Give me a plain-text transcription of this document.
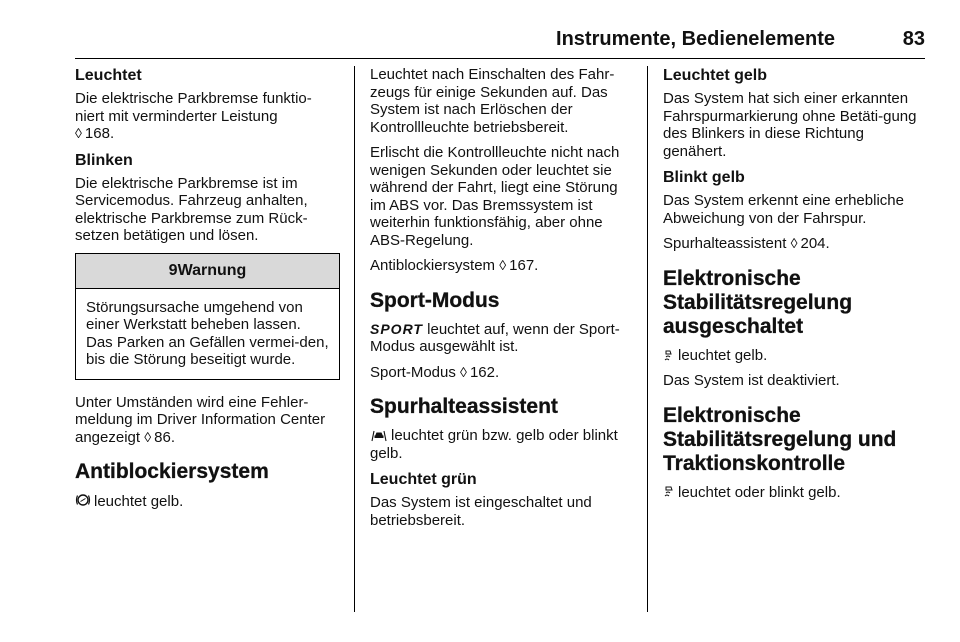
Instrumente, Bedienelemente	83
Leuchtet

Die elektrische Parkbremse funktio-niert mit verminderter Leistung
◊ 168.

Blinken

Die elektrische Parkbremse ist im Servicemodus. Fahrzeug anhalten, elektrische Parkbremse zum Rück-setzen betätigen und lösen.

9Warnung
Störungsursache umgehend von einer Werkstatt beheben lassen. Das Parken an Gefällen vermei-den, bis die Störung beseitigt wurde.

Unter Umständen wird eine Fehler-meldung im Driver Information Center angezeigt ◊ 86.

Antiblockiersystem

leuchtet gelb.

Leuchtet nach Einschalten des Fahr-zeugs für einige Sekunden auf. Das System ist nach Erlöschen der Kontrollleuchte betriebsbereit.

Erlischt die Kontrollleuchte nicht nach wenigen Sekunden oder leuchtet sie während der Fahrt, liegt eine Störung im ABS vor. Das Bremssystem ist weiterhin funktionsfähig, aber ohne ABS-Regelung.

Antiblockiersystem ◊ 167.

Sport-Modus

SPORT leuchtet auf, wenn der Sport-Modus ausgewählt ist.

Sport-Modus ◊ 162.

Spurhalteassistent

leuchtet grün bzw. gelb oder blinkt gelb.

Leuchtet grün

Das System ist eingeschaltet und betriebsbereit.

Leuchtet gelb

Das System hat sich einer erkannten Fahrspurmarkierung ohne Betäti-gung des Blinkers in diese Richtung genähert.

Blinkt gelb

Das System erkennt eine erhebliche Abweichung von der Fahrspur.

Spurhalteassistent ◊ 204.

Elektronische
Stabilitätsregelung
ausgeschaltet

leuchtet gelb.

Das System ist deaktiviert.

Elektronische
Stabilitätsregelung und
Traktionskontrolle

leuchtet oder blinkt gelb.
